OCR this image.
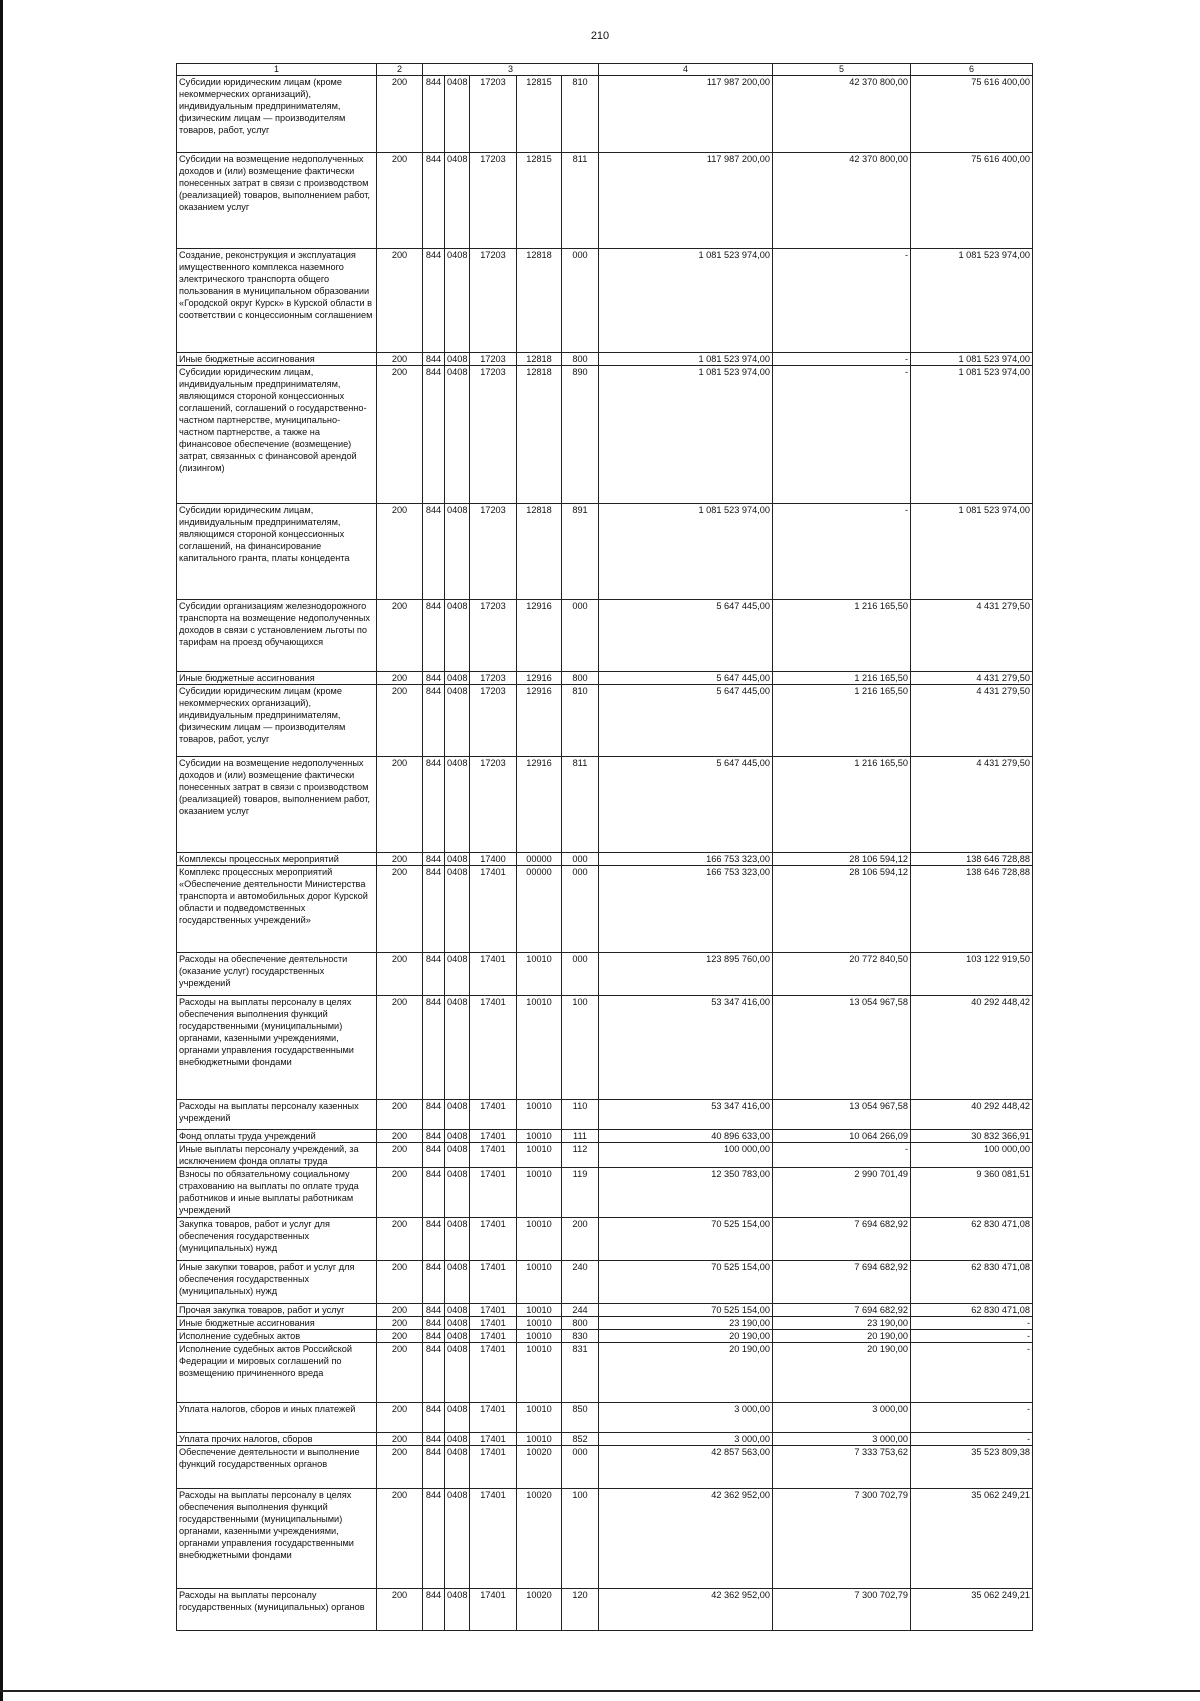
210
1	2	3					4	5	6
Субсидии юридическим лицам (кроме некоммерческих организаций), индивидуальным предпринимателям, физическим лицам — производителям товаров, работ, услуг	200	844	0408	17203	12815	810	117 987 200,00	42 370 800,00	75 616 400,00
Субсидии на возмещение недополученных доходов и (или) возмещение фактически понесенных затрат в связи с производством (реализацией) товаров, выполнением работ, оказанием услуг	200	844	0408	17203	12815	811	117 987 200,00	42 370 800,00	75 616 400,00
Создание, реконструкция и эксплуатация имущественного комплекса наземного электрического транспорта общего пользования в муниципальном образовании «Городской округ Курск» в Курской области в соответствии с концессионным соглашением	200	844	0408	17203	12818	000	1 081 523 974,00	-	1 081 523 974,00
Иные бюджетные ассигнования	200	844	0408	17203	12818	800	1 081 523 974,00	-	1 081 523 974,00
Субсидии юридическим лицам, индивидуальным предпринимателям, являющимся стороной концессионных соглашений, соглашений о государственно-частном партнерстве, муниципально-частном партнерстве, а также на финансовое обеспечение (возмещение) затрат, связанных с финансовой арендой (лизингом)	200	844	0408	17203	12818	890	1 081 523 974,00	-	1 081 523 974,00
Субсидии юридическим лицам, индивидуальным предпринимателям, являющимся стороной концессионных соглашений, на финансирование капитального гранта, платы концедента	200	844	0408	17203	12818	891	1 081 523 974,00	-	1 081 523 974,00
Субсидии организациям железнодорожного транспорта на возмещение недополученных доходов в связи с установлением льготы по тарифам на проезд обучающихся	200	844	0408	17203	12916	000	5 647 445,00	1 216 165,50	4 431 279,50
Иные бюджетные ассигнования	200	844	0408	17203	12916	800	5 647 445,00	1 216 165,50	4 431 279,50
Субсидии юридическим лицам (кроме некоммерческих организаций), индивидуальным предпринимателям, физическим лицам — производителям товаров, работ, услуг	200	844	0408	17203	12916	810	5 647 445,00	1 216 165,50	4 431 279,50
Субсидии на возмещение недополученных доходов и (или) возмещение фактически понесенных затрат в связи с производством (реализацией) товаров, выполнением работ, оказанием услуг	200	844	0408	17203	12916	811	5 647 445,00	1 216 165,50	4 431 279,50
Комплексы процессных мероприятий	200	844	0408	17400	00000	000	166 753 323,00	28 106 594,12	138 646 728,88
Комплекс процессных мероприятий «Обеспечение деятельности Министерства транспорта и автомобильных дорог Курской области и подведомственных государственных учреждений»	200	844	0408	17401	00000	000	166 753 323,00	28 106 594,12	138 646 728,88
Расходы на обеспечение деятельности (оказание услуг) государственных учреждений	200	844	0408	17401	10010	000	123 895 760,00	20 772 840,50	103 122 919,50
Расходы на выплаты персоналу в целях обеспечения выполнения функций государственными (муниципальными) органами, казенными учреждениями, органами управления государственными внебюджетными фондами	200	844	0408	17401	10010	100	53 347 416,00	13 054 967,58	40 292 448,42
Расходы на выплаты персоналу казенных учреждений	200	844	0408	17401	10010	110	53 347 416,00	13 054 967,58	40 292 448,42
Фонд оплаты труда учреждений	200	844	0408	17401	10010	111	40 896 633,00	10 064 266,09	30 832 366,91
Иные выплаты персоналу учреждений, за исключением фонда оплаты труда	200	844	0408	17401	10010	112	100 000,00	-	100 000,00
Взносы по обязательному социальному страхованию на выплаты по оплате труда работников и иные выплаты работникам учреждений	200	844	0408	17401	10010	119	12 350 783,00	2 990 701,49	9 360 081,51
Закупка товаров, работ и услуг для обеспечения государственных (муниципальных) нужд	200	844	0408	17401	10010	200	70 525 154,00	7 694 682,92	62 830 471,08
Иные закупки товаров, работ и услуг для обеспечения государственных (муниципальных) нужд	200	844	0408	17401	10010	240	70 525 154,00	7 694 682,92	62 830 471,08
Прочая закупка товаров, работ и услуг	200	844	0408	17401	10010	244	70 525 154,00	7 694 682,92	62 830 471,08
Иные бюджетные ассигнования	200	844	0408	17401	10010	800	23 190,00	23 190,00	-
Исполнение судебных актов	200	844	0408	17401	10010	830	20 190,00	20 190,00	-
Исполнение судебных актов Российской Федерации и мировых соглашений по возмещению причиненного вреда	200	844	0408	17401	10010	831	20 190,00	20 190,00	-
Уплата налогов, сборов и иных платежей	200	844	0408	17401	10010	850	3 000,00	3 000,00	-
Уплата прочих налогов, сборов	200	844	0408	17401	10010	852	3 000,00	3 000,00	-
Обеспечение деятельности и выполнение функций государственных органов	200	844	0408	17401	10020	000	42 857 563,00	7 333 753,62	35 523 809,38
Расходы на выплаты персоналу в целях обеспечения выполнения функций государственными (муниципальными) органами, казенными учреждениями, органами управления государственными внебюджетными фондами	200	844	0408	17401	10020	100	42 362 952,00	7 300 702,79	35 062 249,21
Расходы на выплаты персоналу государственных (муниципальных) органов	200	844	0408	17401	10020	120	42 362 952,00	7 300 702,79	35 062 249,21
